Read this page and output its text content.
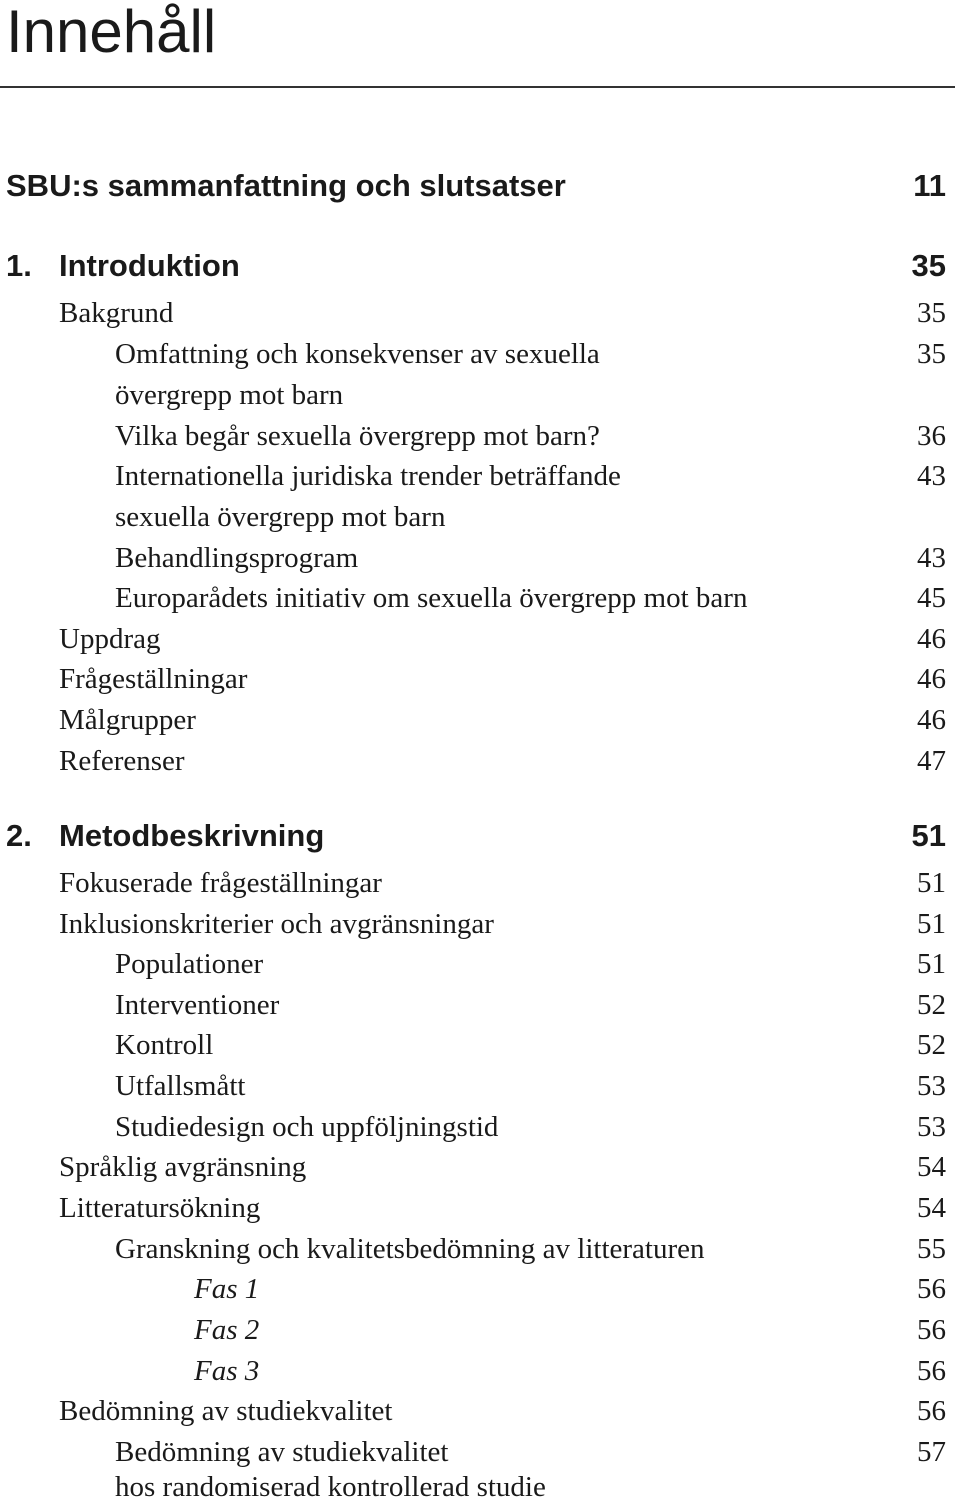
Innehåll
SBU:s sammanfattning och slutsatser	11
1. Introduktion	35
Bakgrund	35
Omfattning och konsekvenser av sexuella	35
övergrepp mot barn
Vilka begår sexuella övergrepp mot barn?	36
Internationella juridiska trender beträffande	43
sexuella övergrepp mot barn
Behandlingsprogram	43
Europarådets initiativ om sexuella övergrepp mot barn	45
Uppdrag	46
Frågeställningar	46
Målgrupper	46
Referenser	47
2. Metodbeskrivning	51
Fokuserade frågeställningar	51
Inklusionskriterier och avgränsningar	51
Populationer	51
Interventioner	52
Kontroll	52
Utfallsmått	53
Studiedesign och uppföljningstid	53
Språklig avgränsning	54
Litteratursökning	54
Granskning och kvalitetsbedömning av litteraturen	55
Fas 1	56
Fas 2	56
Fas 3	56
Bedömning av studiekvalitet	56
Bedömning av studiekvalitet	57
hos randomiserad kontrollerad studie
